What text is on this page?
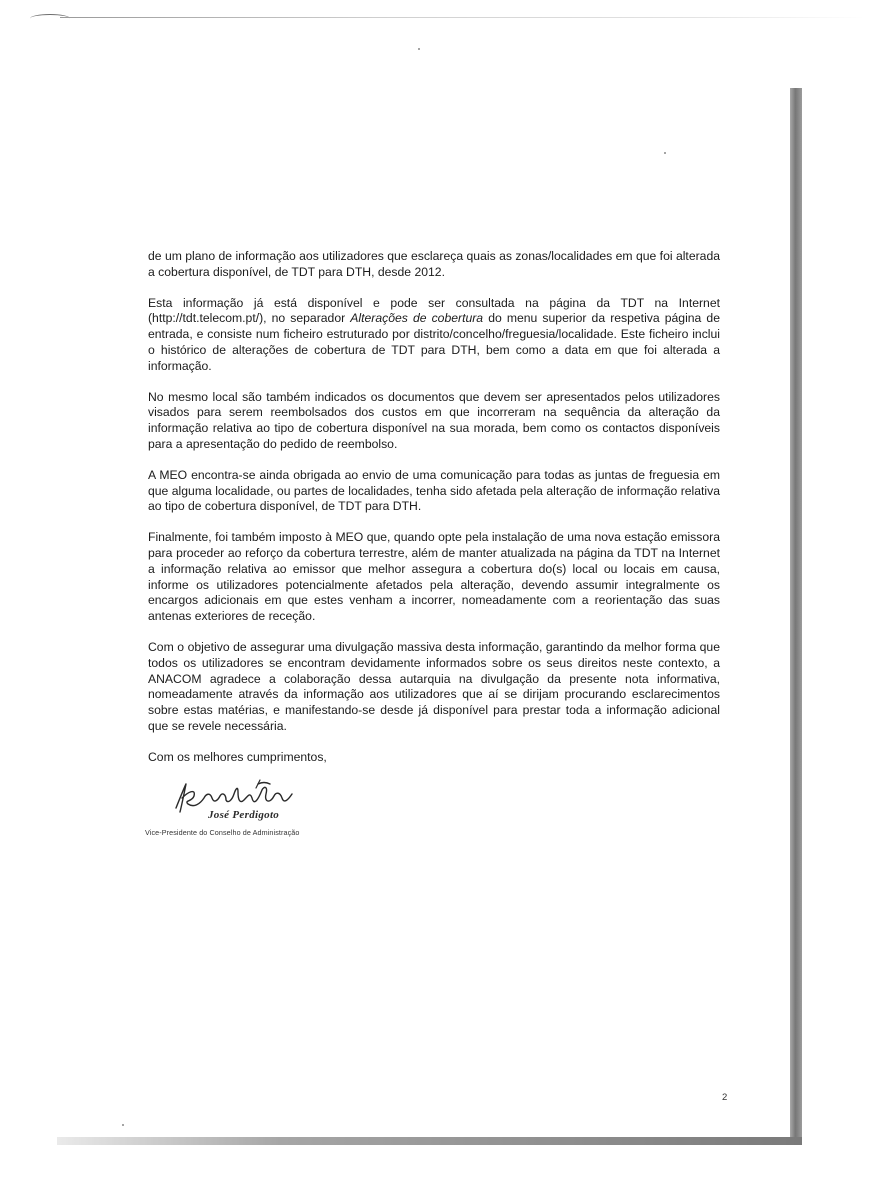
de um plano de informação aos utilizadores que esclareça quais as zonas/localidades em que foi alterada a cobertura disponível, de TDT para DTH, desde 2012.

Esta informação já está disponível e pode ser consultada na página da TDT na Internet (http://tdt.telecom.pt/), no separador Alterações de cobertura do menu superior da respetiva página de entrada, e consiste num ficheiro estruturado por distrito/concelho/freguesia/localidade. Este ficheiro inclui o histórico de alterações de cobertura de TDT para DTH, bem como a data em que foi alterada a informação.

No mesmo local são também indicados os documentos que devem ser apresentados pelos utilizadores visados para serem reembolsados dos custos em que incorreram na sequência da alteração da informação relativa ao tipo de cobertura disponível na sua morada, bem como os contactos disponíveis para a apresentação do pedido de reembolso.

A MEO encontra-se ainda obrigada ao envio de uma comunicação para todas as juntas de freguesia em que alguma localidade, ou partes de localidades, tenha sido afetada pela alteração de informação relativa ao tipo de cobertura disponível, de TDT para DTH.

Finalmente, foi também imposto à MEO que, quando opte pela instalação de uma nova estação emissora para proceder ao reforço da cobertura terrestre, além de manter atualizada na página da TDT na Internet a informação relativa ao emissor que melhor assegura a cobertura do(s) local ou locais em causa, informe os utilizadores potencialmente afetados pela alteração, devendo assumir integralmente os encargos adicionais em que estes venham a incorrer, nomeadamente com a reorientação das suas antenas exteriores de receção.

Com o objetivo de assegurar uma divulgação massiva desta informação, garantindo da melhor forma que todos os utilizadores se encontram devidamente informados sobre os seus direitos neste contexto, a ANACOM agradece a colaboração dessa autarquia na divulgação da presente nota informativa, nomeadamente através da informação aos utilizadores que aí se dirijam procurando esclarecimentos sobre estas matérias, e manifestando-se desde já disponível para prestar toda a informação adicional que se revele necessária.

Com os melhores cumprimentos,

José Perdigoto
Vice-Presidente do Conselho de Administração
2
